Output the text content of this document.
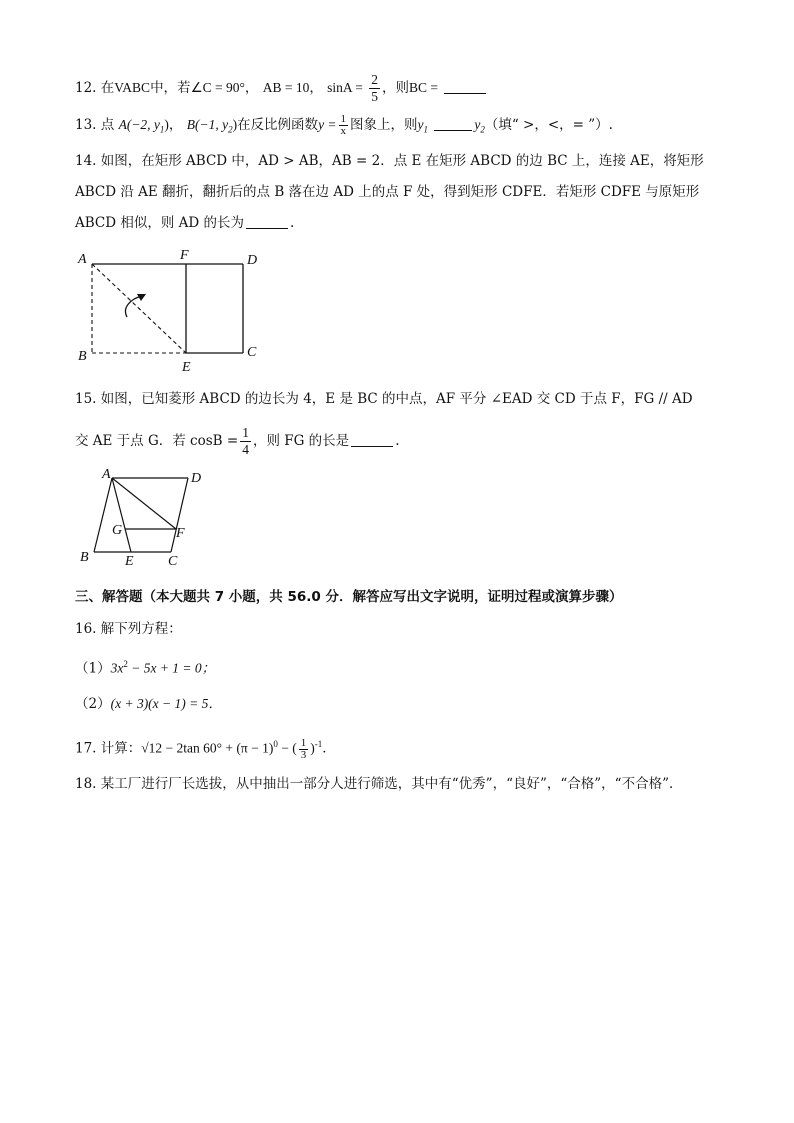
12. 在VABC中，若∠C = 90°， AB = 10， $\sin A = \frac{2}{5}$ ，则BC =
13. 点 A(−2, $y_1$)， B(−1, $y_2$)在反比例函数$y = \frac{1}{x}$ 图象上，则$y_1$	$y_2$（填“ >，<，= ”）.
14. 如图，在矩形 ABCD 中，AD > AB，AB = 2．点 E 在矩形 ABCD 的边 BC 上，连接 AE，将矩形
ABCD 沿 AE 翻折，翻折后的点 B 落在边 AD 上的点 F 处，得到矩形 CDFE．若矩形 CDFE 与原矩形
ABCD 相似，则 AD 的长为	.
A	F	D
B
E
C
15. 如图，已知菱形 ABCD 的边长为 4，E 是 BC 的中点，AF 平分 ∠EAD 交 CD 于点 F，FG // AD
交 AE 于点 G．若 $\cos B = \frac{1}{4}$ ，则 FG 的长是	.
A	D
G	F
B	E C
三、解答题（本大题共 7 小题，共 56.0 分．解答应写出文字说明，证明过程或演算步骤）
16. 解下列方程：
$(1)3x^2 - 5x + 1 = 0$；
（2）(x + 3)(x − 1) = 5．
17. 计算：√12 − 2tan $60^\circ + (\pi - 1)^0$ − ( $\frac{1}{3} )^{-1}$．
18. 某工厂进行厂长选拔，从中抽出一部分人进行筛选，其中有“优秀”，“良好”，“合格”，“不合格”．
